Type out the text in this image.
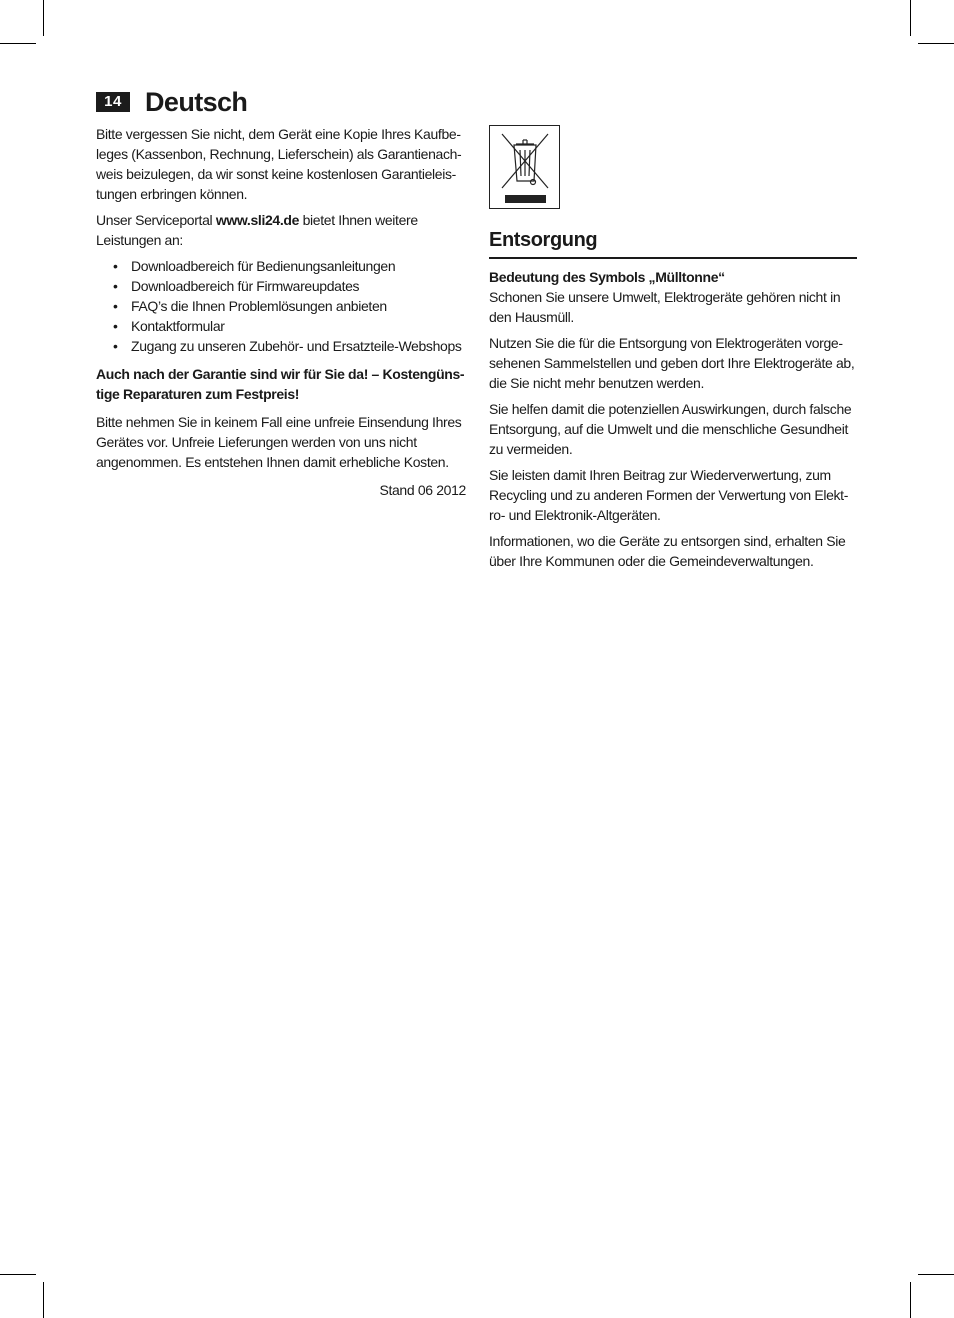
14 Deutsch

Bitte vergessen Sie nicht, dem Gerät eine Kopie Ihres Kaufbeleges (Kassenbon, Rechnung, Lieferschein) als Garantienachweis beizulegen, da wir sonst keine kostenlosen Garantieleistungen erbringen können.

Unser Serviceportal www.sli24.de bietet Ihnen weitere Leistungen an:

• Downloadbereich für Bedienungsanleitungen
• Downloadbereich für Firmwareupdates
• FAQ’s die Ihnen Problemlösungen anbieten
• Kontaktformular
• Zugang zu unseren Zubehör- und Ersatzteile-Webshops

Auch nach der Garantie sind wir für Sie da! – Kostengünstige Reparaturen zum Festpreis!

Bitte nehmen Sie in keinem Fall eine unfreie Einsendung Ihres Gerätes vor. Unfreie Lieferungen werden von uns nicht angenommen. Es entstehen Ihnen damit erhebliche Kosten.

Stand 06 2012

Entsorgung

Bedeutung des Symbols „Mülltonne“

Schonen Sie unsere Umwelt, Elektrogeräte gehören nicht in den Hausmüll.

Nutzen Sie die für die Entsorgung von Elektrogeräten vorgesehenen Sammelstellen und geben dort Ihre Elektrogeräte ab, die Sie nicht mehr benutzen werden.

Sie helfen damit die potenziellen Auswirkungen, durch falsche Entsorgung, auf die Umwelt und die menschliche Gesundheit zu vermeiden.

Sie leisten damit Ihren Beitrag zur Wiederverwertung, zum Recycling und zu anderen Formen der Verwertung von Elektro- und Elektronik-Altgeräten.

Informationen, wo die Geräte zu entsorgen sind, erhalten Sie über Ihre Kommunen oder die Gemeindeverwaltungen.
